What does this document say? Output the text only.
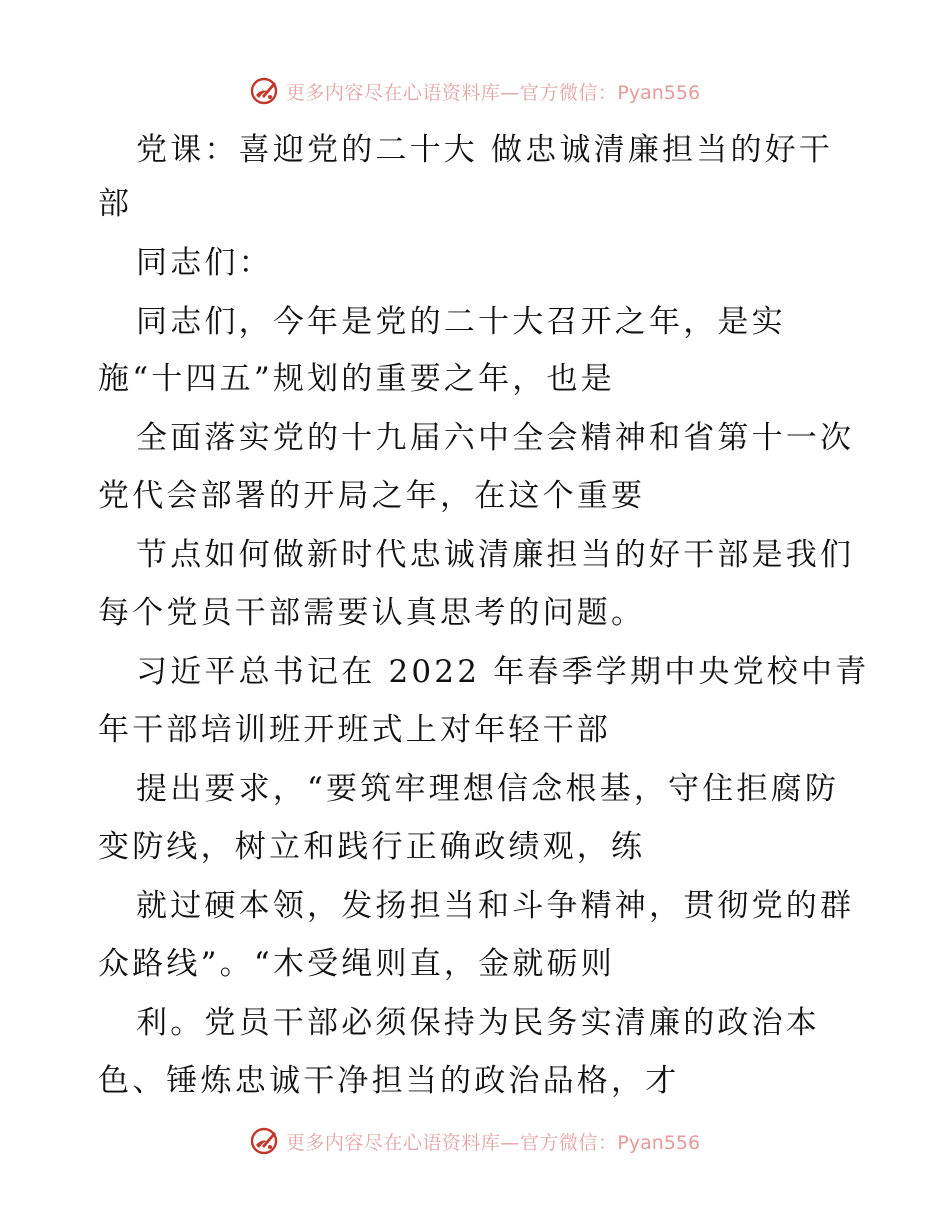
更多内容尽在心语资料库—官方微信：Pyan556

党课：喜迎党的二十大 做忠诚清廉担当的好干

部

同志们：

同志们，今年是党的二十大召开之年，是实

施“十四五”规划的重要之年，也是

全面落实党的十九届六中全会精神和省第十一次

党代会部署的开局之年，在这个重要

节点如何做新时代忠诚清廉担当的好干部是我们

每个党员干部需要认真思考的问题。

习近平总书记在 2022 年春季学期中央党校中青

年干部培训班开班式上对年轻干部

提出要求，“要筑牢理想信念根基，守住拒腐防

变防线，树立和践行正确政绩观，练

就过硬本领，发扬担当和斗争精神，贯彻党的群

众路线”。“木受绳则直，金就砺则

利。党员干部必须保持为民务实清廉的政治本

色、锤炼忠诚干净担当的政治品格，才

更多内容尽在心语资料库—官方微信：Pyan556
